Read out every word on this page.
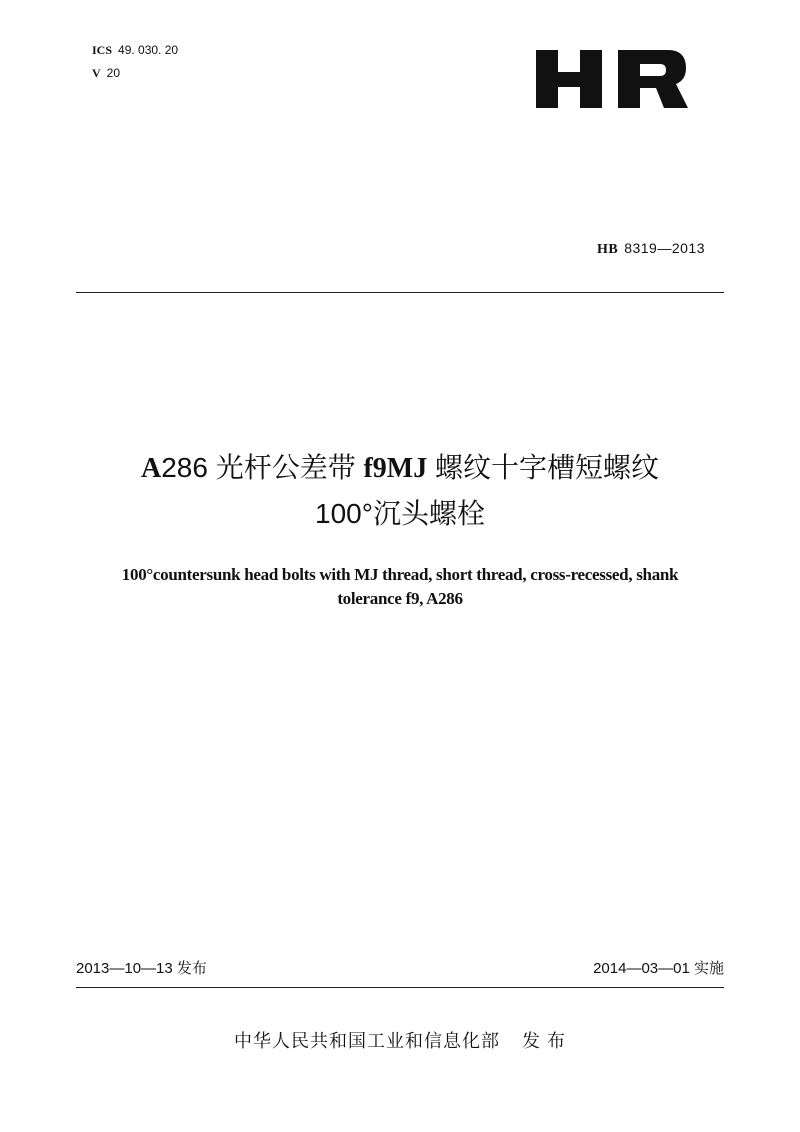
ICS 49. 030. 20
V 20
HB 8319—2013
A286 光杆公差带 f9MJ 螺纹十字槽短螺纹
100°沉头螺栓
100°countersunk head bolts with MJ thread, short thread, cross-recessed, shank
tolerance f9, A286
2013—10—13 发布	2014—03—01 实施
中华人民共和国工业和信息化部 发 布
